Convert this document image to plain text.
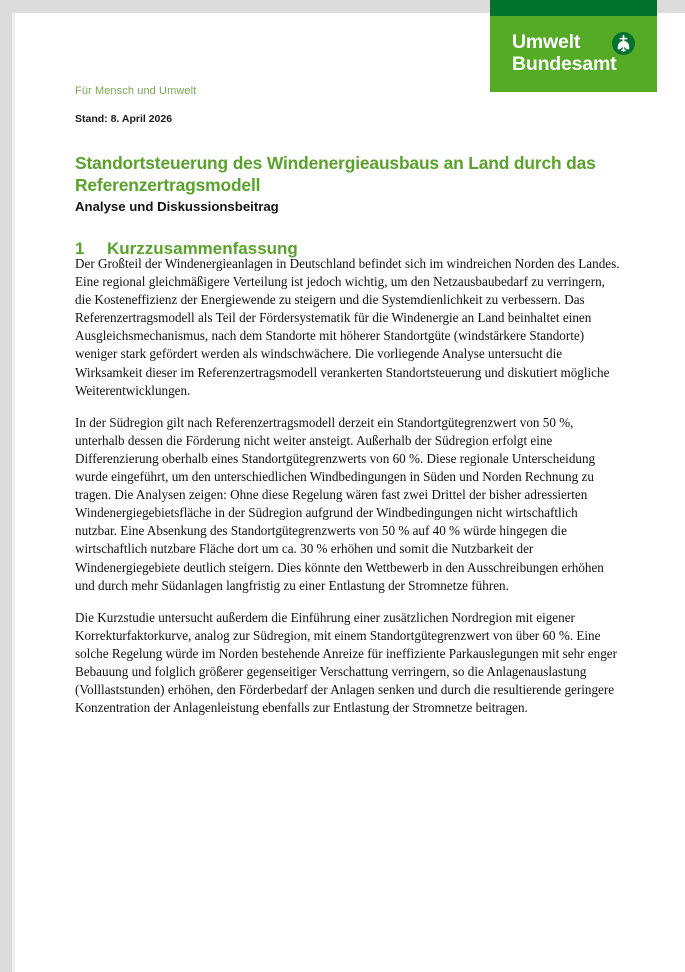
Umwelt
Bundesamt
Für Mensch und Umwelt
Stand: 8. April 2026
Standortsteuerung des Windenergieausbaus an Land durch das Referenzertragsmodell
Analyse und Diskussionsbeitrag
1 Kurzzusammenfassung

Der Großteil der Windenergieanlagen in Deutschland befindet sich im windreichen Norden des Landes. Eine regional gleichmäßigere Verteilung ist jedoch wichtig, um den Netzausbaubedarf zu verringern, die Kosteneffizienz der Energiewende zu steigern und die Systemdienlichkeit zu verbessern. Das Referenzertragsmodell als Teil der Fördersystematik für die Windenergie an Land beinhaltet einen Ausgleichsmechanismus, nach dem Standorte mit höherer Standortgüte (windstärkere Standorte) weniger stark gefördert werden als windschwächere. Die vorliegende Analyse untersucht die Wirksamkeit dieser im Referenzertragsmodell verankerten Standortsteuerung und diskutiert mögliche Weiterentwicklungen.

In der Südregion gilt nach Referenzertragsmodell derzeit ein Standortgütegrenzwert von 50 %, unterhalb dessen die Förderung nicht weiter ansteigt. Außerhalb der Südregion erfolgt eine Differenzierung oberhalb eines Standortgütegrenzwerts von 60 %. Diese regionale Unterscheidung wurde eingeführt, um den unterschiedlichen Windbedingungen in Süden und Norden Rechnung zu tragen. Die Analysen zeigen: Ohne diese Regelung wären fast zwei Drittel der bisher adressierten Windenergiegebietsfläche in der Südregion aufgrund der Windbedingungen nicht wirtschaftlich nutzbar. Eine Absenkung des Standortgütegrenzwerts von 50 % auf 40 % würde hingegen die wirtschaftlich nutzbare Fläche dort um ca. 30 % erhöhen und somit die Nutzbarkeit der Windenergiegebiete deutlich steigern. Dies könnte den Wettbewerb in den Ausschreibungen erhöhen und durch mehr Südanlagen langfristig zu einer Entlastung der Stromnetze führen.

Die Kurzstudie untersucht außerdem die Einführung einer zusätzlichen Nordregion mit eigener Korrekturfaktorkurve, analog zur Südregion, mit einem Standortgütegrenzwert von über 60 %. Eine solche Regelung würde im Norden bestehende Anreize für ineffiziente Parkauslegungen mit sehr enger Bebauung und folglich größerer gegenseitiger Verschattung verringern, so die Anlagenauslastung (Volllaststunden) erhöhen, den Förderbedarf der Anlagen senken und durch die resultierende geringere Konzentration der Anlagenleistung ebenfalls zur Entlastung der Stromnetze beitragen.
